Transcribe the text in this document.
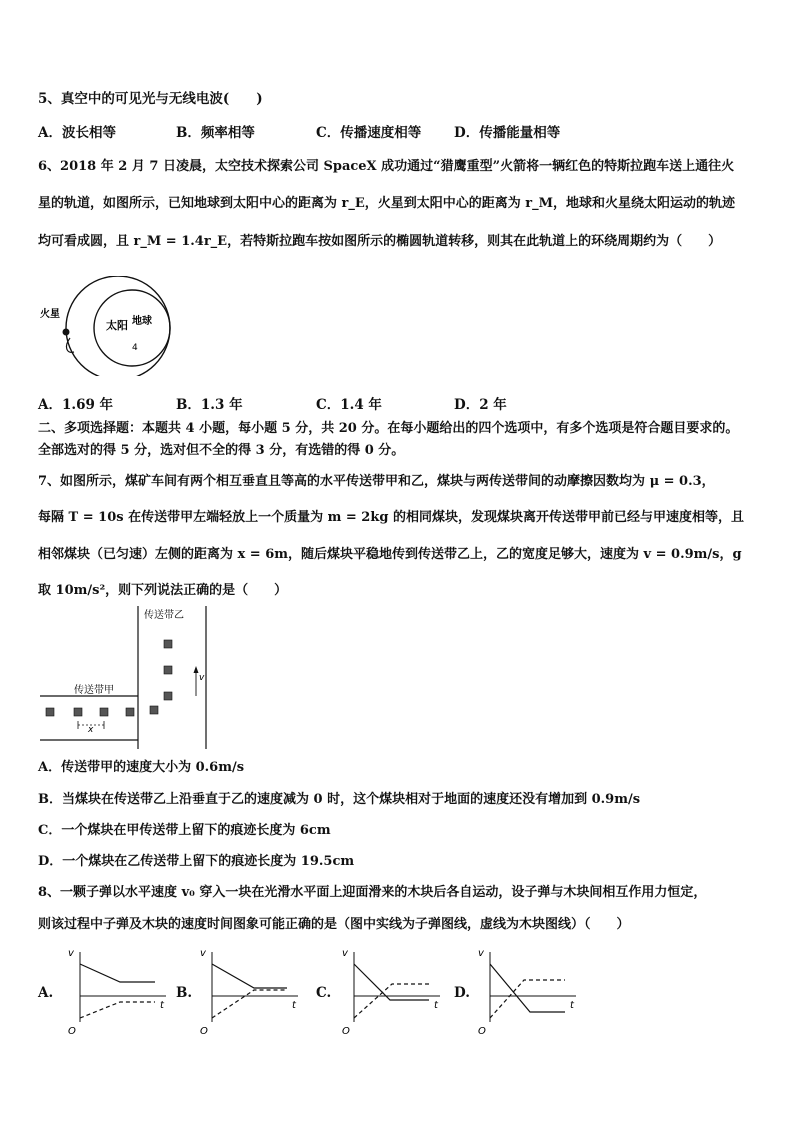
5、真空中的可见光与无线电波(　　)
A．波长相等	B．频率相等	C．传播速度相等 D．传播能量相等
6、2018 年 2 月 7 日凌晨，太空技术探索公司 SpaceX 成功通过“猎鹰重型”火箭将一辆红色的特斯拉跑车送上通往火
星的轨道，如图所示，已知地球到太阳中心的距离为 r_E，火星到太阳中心的距离为 r_M，地球和火星绕太阳运动的轨迹
均可看成圆，且 r_M = 1.4r_E，若特斯拉跑车按如图所示的椭圆轨道转移，则其在此轨道上的环绕周期约为（　　）
火星
太阳 地球
4
A．1.69 年	B．1.3 年	C．1.4 年	D．2 年
二、多项选择题：本题共 4 小题，每小题 5 分，共 20 分。在每小题给出的四个选项中，有多个选项是符合题目要求的。
全部选对的得 5 分，选对但不全的得 3 分，有选错的得 0 分。
7、如图所示，煤矿车间有两个相互垂直且等高的水平传送带甲和乙，煤块与两传送带间的动摩擦因数均为 μ = 0.3，
每隔 T = 10s 在传送带甲左端轻放上一个质量为 m = 2kg 的相同煤块，发现煤块离开传送带甲前已经与甲速度相等，且
相邻煤块（已匀速）左侧的距离为 x = 6m，随后煤块平稳地传到传送带乙上，乙的宽度足够大，速度为 v = 0.9m/s，g
取 10m/s²，则下列说法正确的是（　　）
传送带乙
传送带甲
x
v
A．传送带甲的速度大小为 0.6m/s
B．当煤块在传送带乙上沿垂直于乙的速度减为 0 时，这个煤块相对于地面的速度还没有增加到 0.9m/s
C．一个煤块在甲传送带上留下的痕迹长度为 6cm
D．一个煤块在乙传送带上留下的痕迹长度为 19.5cm
8、一颗子弹以水平速度 v₀ 穿入一块在光滑水平面上迎面滑来的木块后各自运动，设子弹与木块间相互作用力恒定，
则该过程中子弹及木块的速度时间图象可能正确的是（图中实线为子弹图线，虚线为木块图线）（　　）
A.
v
t
O
B.
v
t
O
C.
v
t
O
D.
v
t
O
